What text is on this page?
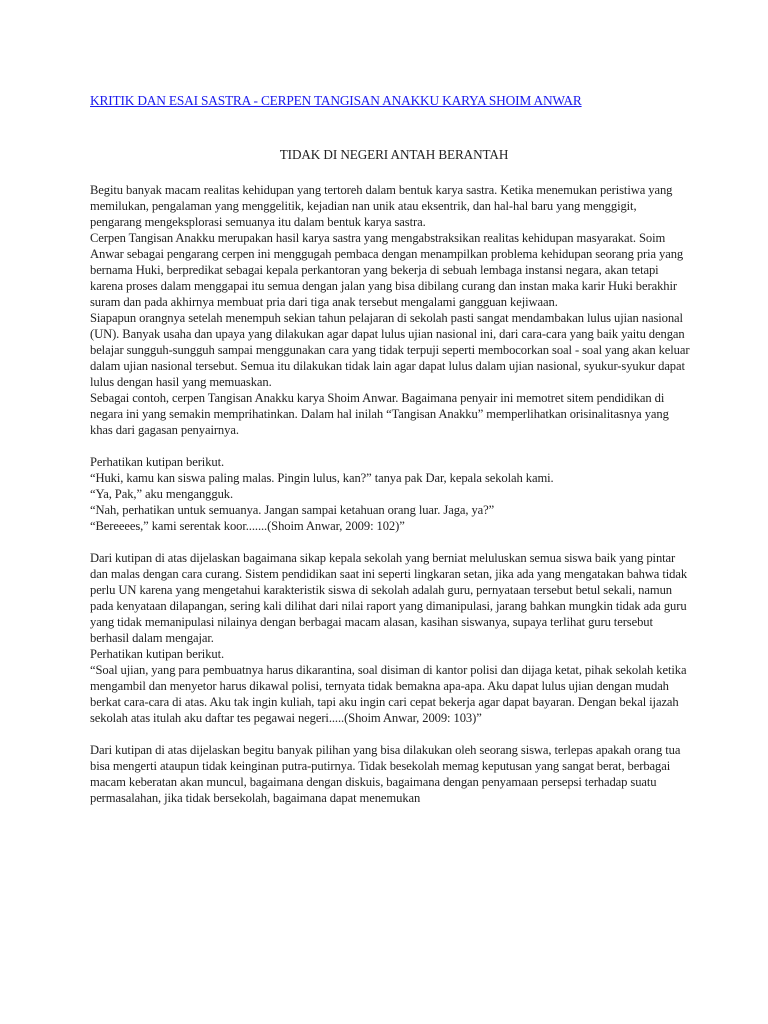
KRITIK DAN ESAI SASTRA - CERPEN TANGISAN ANAKKU KARYA SHOIM ANWAR
TIDAK DI NEGERI ANTAH BERANTAH

Begitu banyak macam realitas kehidupan yang tertoreh dalam bentuk karya sastra. Ketika menemukan peristiwa yang memilukan, pengalaman yang menggelitik, kejadian nan unik atau eksentrik, dan hal-hal baru yang menggigit, pengarang mengeksplorasi semuanya itu dalam bentuk karya sastra.

Cerpen Tangisan Anakku merupakan hasil karya sastra yang mengabstraksikan realitas kehidupan masyarakat. Soim Anwar sebagai pengarang cerpen ini menggugah pembaca dengan menampilkan problema kehidupan seorang pria yang bernama Huki, berpredikat sebagai kepala perkantoran yang bekerja di sebuah lembaga instansi negara, akan tetapi karena proses dalam menggapai itu semua dengan jalan yang bisa dibilang curang dan instan maka karir Huki berakhir suram dan pada akhirnya membuat pria dari tiga anak tersebut mengalami gangguan kejiwaan.

Siapapun orangnya setelah menempuh sekian tahun pelajaran di sekolah pasti sangat mendambakan lulus ujian nasional (UN). Banyak usaha dan upaya yang dilakukan agar dapat lulus ujian nasional ini, dari cara-cara yang baik yaitu dengan belajar sungguh-sungguh sampai menggunakan cara yang tidak terpuji seperti membocorkan soal - soal yang akan keluar dalam ujian nasional tersebut. Semua itu dilakukan tidak lain agar dapat lulus dalam ujian nasional, syukur-syukur dapat lulus dengan hasil yang memuaskan.

Sebagai contoh, cerpen Tangisan Anakku karya Shoim Anwar. Bagaimana penyair ini memotret sitem pendidikan di negara ini yang semakin memprihatinkan. Dalam hal inilah “Tangisan Anakku” memperlihatkan orisinalitasnya yang khas dari gagasan penyairnya.

Perhatikan kutipan berikut.

“Huki, kamu kan siswa paling malas. Pingin lulus, kan?” tanya pak Dar, kepala sekolah kami.

“Ya, Pak,” aku mengangguk.

“Nah, perhatikan untuk semuanya. Jangan sampai ketahuan orang luar. Jaga, ya?”

“Bereeees,” kami serentak koor.......(Shoim Anwar, 2009: 102)”

Dari kutipan di atas dijelaskan bagaimana sikap kepala sekolah yang berniat meluluskan semua siswa baik yang pintar dan malas dengan cara curang. Sistem pendidikan saat ini seperti lingkaran setan, jika ada yang mengatakan bahwa tidak perlu UN karena yang mengetahui karakteristik siswa di sekolah adalah guru, pernyataan tersebut betul sekali, namun pada kenyataan dilapangan, sering kali dilihat dari nilai raport yang dimanipulasi, jarang bahkan mungkin tidak ada guru yang tidak memanipulasi nilainya dengan berbagai macam alasan, kasihan siswanya, supaya terlihat guru tersebut berhasil dalam mengajar.

Perhatikan kutipan berikut.

“Soal ujian, yang para pembuatnya harus dikarantina, soal disiman di kantor polisi dan dijaga ketat, pihak sekolah ketika mengambil dan menyetor harus dikawal polisi, ternyata tidak bemakna apa-apa. Aku dapat lulus ujian dengan mudah berkat cara-cara di atas. Aku tak ingin kuliah, tapi aku ingin cari cepat bekerja agar dapat bayaran. Dengan bekal ijazah sekolah atas itulah aku daftar tes pegawai negeri.....(Shoim Anwar, 2009: 103)”

Dari kutipan di atas dijelaskan begitu banyak pilihan yang bisa dilakukan oleh seorang siswa, terlepas apakah orang tua bisa mengerti ataupun tidak keinginan putra-putirnya. Tidak besekolah memag keputusan yang sangat berat, berbagai macam keberatan akan muncul, bagaimana dengan diskuis, bagaimana dengan penyamaan persepsi terhadap suatu permasalahan, jika tidak bersekolah, bagaimana dapat menemukan
